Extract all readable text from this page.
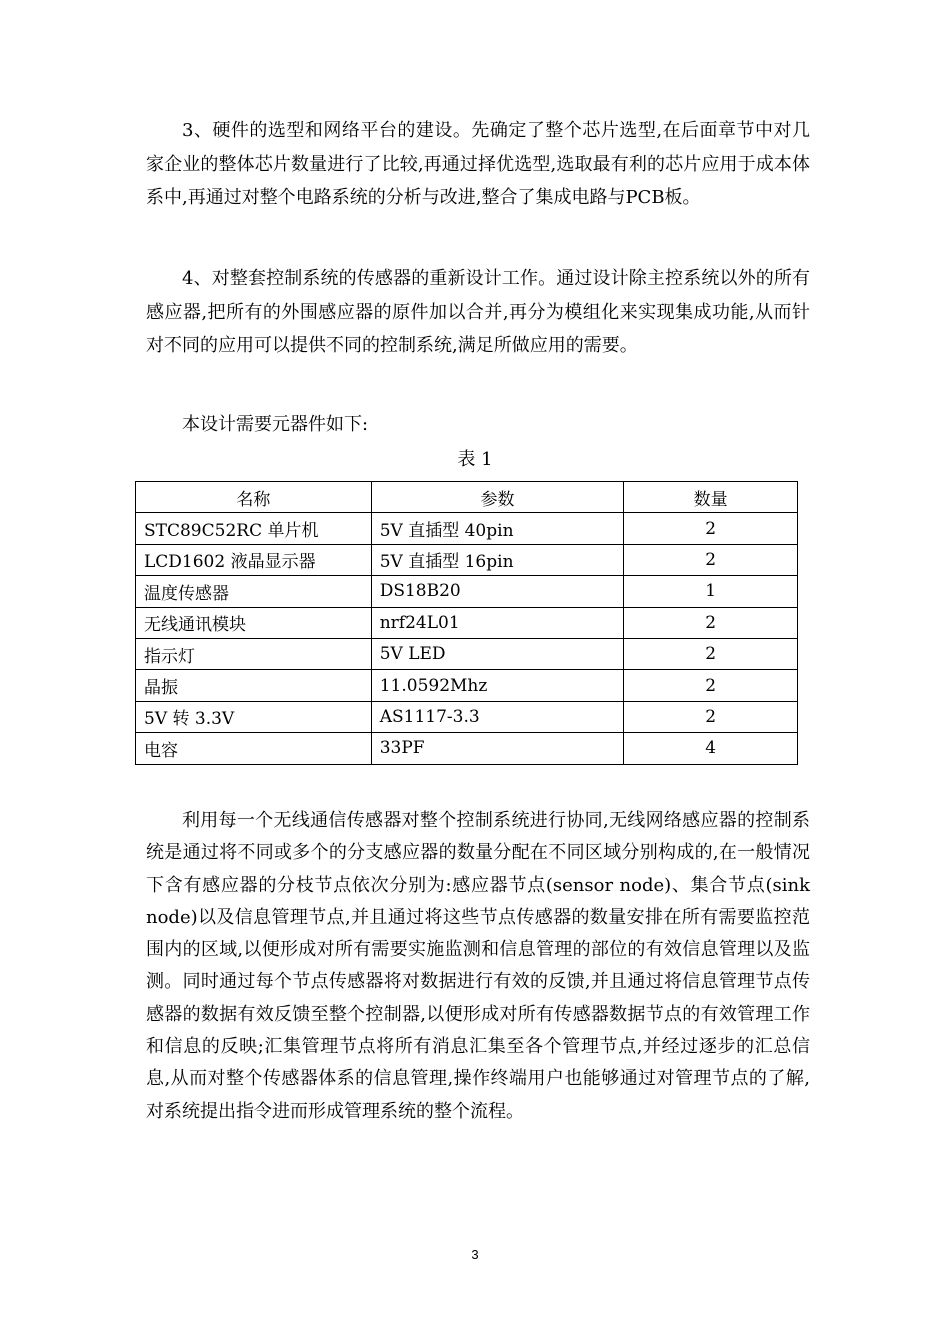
3、硬件的选型和网络平台的建设。先确定了整个芯片选型,在后面章节中对几家企业的整体芯片数量进行了比较,再通过择优选型,选取最有利的芯片应用于成本体系中,再通过对整个电路系统的分析与改进,整合了集成电路与PCB板。

4、对整套控制系统的传感器的重新设计工作。通过设计除主控系统以外的所有感应器,把所有的外围感应器的原件加以合并,再分为模组化来实现集成功能,从而针对不同的应用可以提供不同的控制系统,满足所做应用的需要。

本设计需要元器件如下:

表 1
名称	参数	数量
STC89C52RC 单片机	5V 直插型 40pin	2
LCD1602 液晶显示器	5V 直插型 16pin	2
温度传感器	DS18B20	1
无线通讯模块	nrf24L01	2
指示灯	5V LED	2
晶振	11.0592Mhz	2
5V 转 3.3V	AS1117-3.3	2
电容	33PF	4

利用每一个无线通信传感器对整个控制系统进行协同,无线网络感应器的控制系统是通过将不同或多个的分支感应器的数量分配在不同区域分别构成的,在一般情况下含有感应器的分枝节点依次分别为:感应器节点(sensor node)、集合节点(sink node)以及信息管理节点,并且通过将这些节点传感器的数量安排在所有需要监控范围内的区域,以便形成对所有需要实施监测和信息管理的部位的有效信息管理以及监测。同时通过每个节点传感器将对数据进行有效的反馈,并且通过将信息管理节点传感器的数据有效反馈至整个控制器,以便形成对所有传感器数据节点的有效管理工作和信息的反映;汇集管理节点将所有消息汇集至各个管理节点,并经过逐步的汇总信息,从而对整个传感器体系的信息管理,操作终端用户也能够通过对管理节点的了解,对系统提出指令进而形成管理系统的整个流程。

3
